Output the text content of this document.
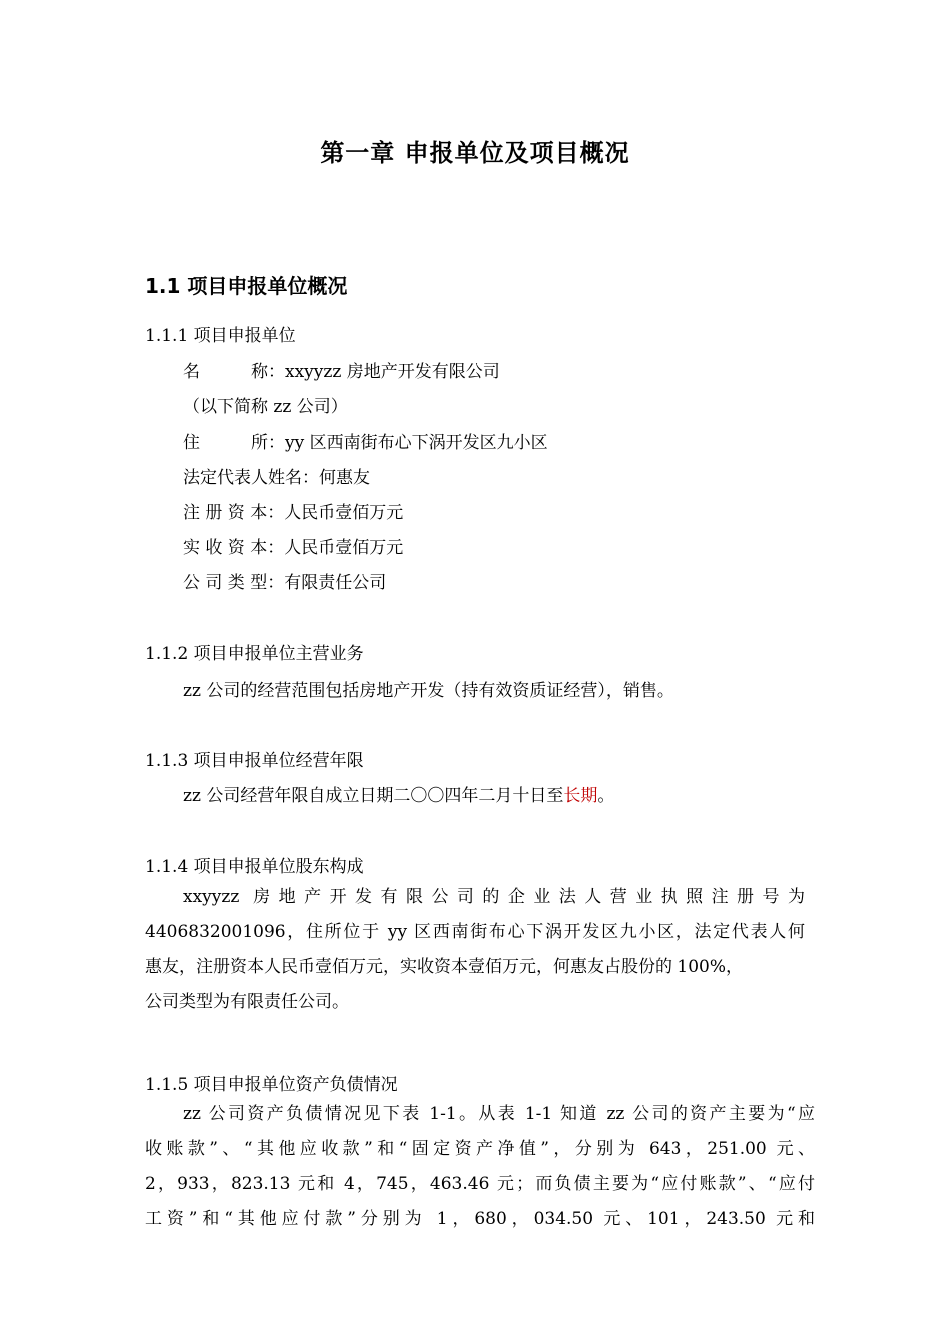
第一章 申报单位及项目概况
1.1 项目申报单位概况
1.1.1 项目申报单位
名　　　称：xxyyzz 房地产开发有限公司
（以下简称 zz 公司）
住　　　所：yy 区西南街布心下涡开发区九小区
法定代表人姓名：何惠友
注 册 资 本：人民币壹佰万元
实 收 资 本：人民币壹佰万元
公 司 类 型：有限责任公司
1.1.2 项目申报单位主营业务
zz 公司的经营范围包括房地产开发（持有效资质证经营），销售。
1.1.3 项目申报单位经营年限
zz 公司经营年限自成立日期二〇〇四年二月十日至长期。
1.1.4 项目申报单位股东构成
xxyyzz 房地产开发有限公司的企业法人营业执照注册号为
4406832001096，住所位于 yy 区西南街布心下涡开发区九小区，法定代表人何
惠友，注册资本人民币壹佰万元，实收资本壹佰万元，何惠友占股份的 100%，
公司类型为有限责任公司。
1.1.5 项目申报单位资产负债情况
zz 公司资产负债情况见下表 1-1。从表 1-1 知道 zz 公司的资产主要为“应
收账款”、“其他应收款”和“固定资产净值”，分别为 643，251.00 元、
2，933，823.13 元和 4，745，463.46 元；而负债主要为“应付账款”、“应付
工资”和“其他应付款”分别为 1，680，034.50 元、101，243.50 元和
